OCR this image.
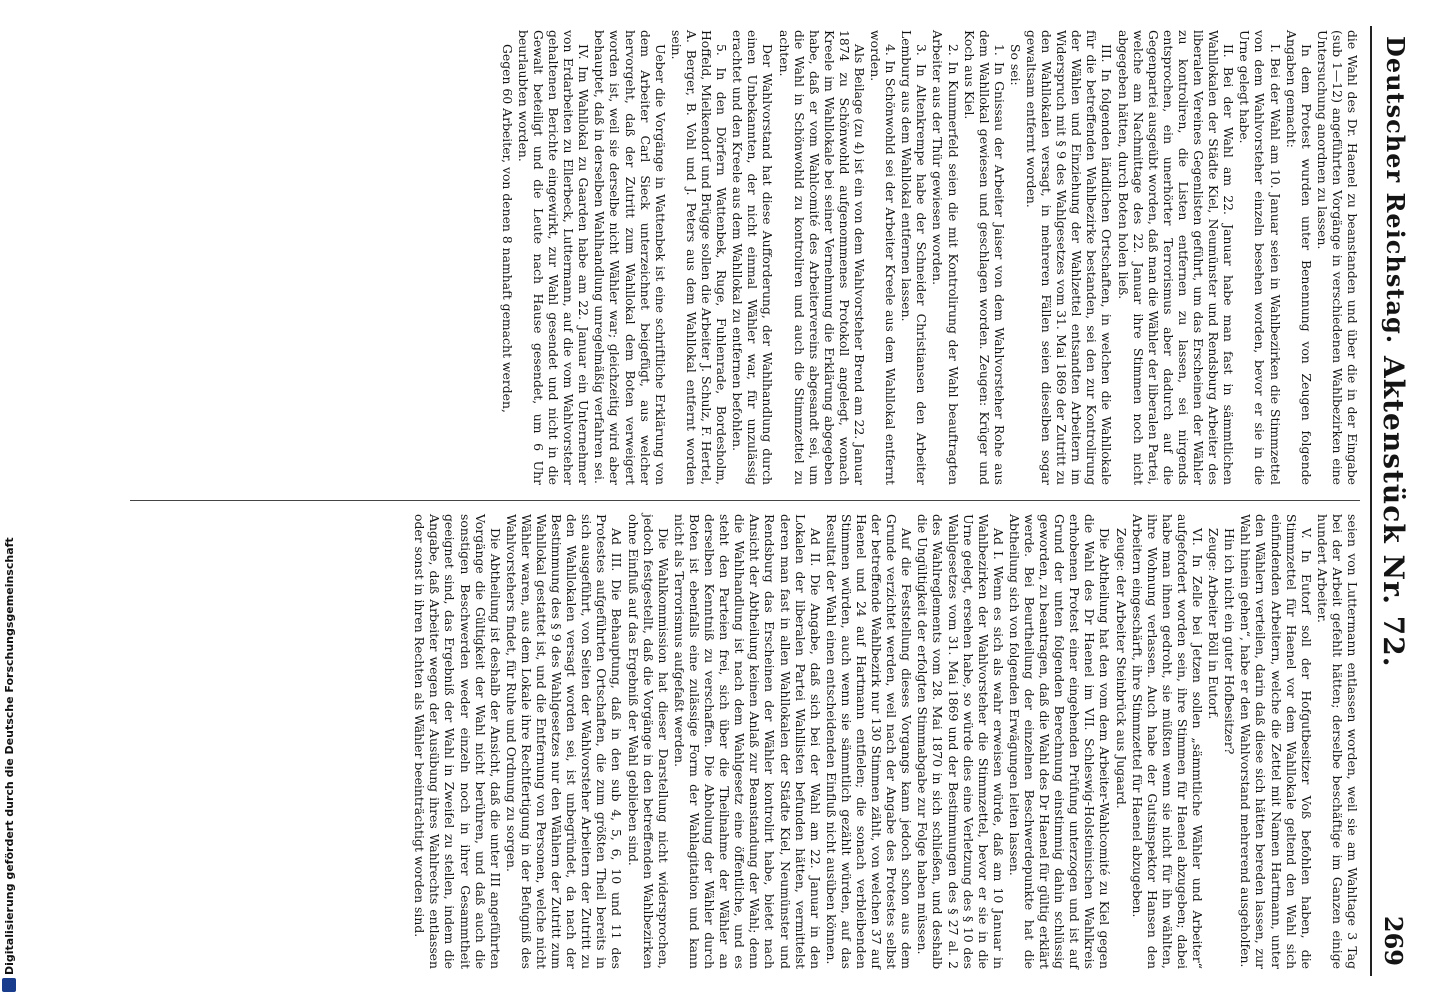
Digitalisierung gefördert durch die Deutsche Forschungsgemeinschaft
Deutscher Reichstag.
Aktenstück Nr. 72.
269

die Wahl des Dr. Haenel zu beanstanden und über die in der Eingabe (sub 1—12) angeführten Vorgänge in verschiedenen Wahlbezirken eine Untersuchung anordnen zu lassen.

In dem Protest wurden unter Benennung von Zeugen folgende Angaben gemacht:

I. Bei der Wahl am 10. Januar seien in Wahlbezirken die Stimmzettel von dem Wahlvorsteher einzeln besehen worden, bevor er sie in die Urne gelegt habe.

II. Bei der Wahl am 22. Januar habe man fast in sämmtlichen Wahllokalen der Städte Kiel, Neumünster und Rendsburg Arbeiter des liberalen Vereines Gegenlisten geführt, um das Erscheinen der Wähler zu kontroliren, die Listen entfernen zu lassen, sei nirgends entsprochen, ein unerhörter Terrorismus aber dadurch auf die Gegenpartei ausgeübt worden, daß man die Wähler der liberalen Partei, welche am Nachmittage des 22. Januar ihre Stimmen noch nicht abgegeben hätten, durch Boten holen ließ.

III. In folgenden ländlichen Ortschaften, in welchen die Wahllokale für die betreffenden Wahlbezirke bestanden, sei den zur Kontrolirung der Wählen und Einziehung der Wahlzettel entsandten Arbeitern im Widerspruch mit § 9 des Wahlgesetzes vom 31. Mai 1869 der Zutritt zu den Wahllokalen versagt, in mehreren Fällen seien dieselben sogar gewaltsam entfernt worden.

So sei:

1. In Gnissau der Arbeiter Jaiser von dem Wahlvorsteher Rohe aus dem Wahllokal gewiesen und geschlagen worden. Zeugen: Krüger und Koch aus Kiel.

2. In Kummerfeld seien die mit Kontrolirung der Wahl beauftragten Arbeiter aus der Thür gewiesen worden.

3. In Altenkrempe habe der Schneider Christiansen den Arbeiter Lemburg aus dem Wahllokal entfernen lassen.

4. In Schönwohld sei der Arbeiter Kreele aus dem Wahllokal entfernt worden.

Als Beilage (zu 4) ist ein von dem Wahlvorsteher Brend am 22. Januar 1874 zu Schönwohld aufgenommenes Protokoll angelegt, wonach Kreele im Wahllokale bei seiner Vernehmung die Erklärung abgegeben habe, daß er vom Wahlcomité des Arbeitervereins abgesandt sei, um die Wahl in Schönwohld zu kontroliren und auch die Stimmzettel zu achten.

Der Wahlvorstand hat diese Aufforderung, der Wahlhandlung durch einen Unbekannten, der nicht einmal Wähler war, für unzulässig erachtet und den Kreele aus dem Wahllokal zu entfernen befohlen.

5. In den Dörfern Wattenbek, Ruge, Fuhlenrade, Bordesholm, Hoffeld, Mielkendorf und Brügge sollen die Arbeiter J. Schulz, F. Hertel, A. Berger, B. Vohl und J. Peters aus dem Wahllokal entfernt worden sein.

Ueber die Vorgänge in Wattenbek ist eine schriftliche Erklärung von dem Arbeiter Carl Sieck unterzeichnet beigefügt, aus welcher hervorgeht, daß der Zutritt zum Wahllokal dem Boten verweigert worden ist, weil sie derselbe nicht Wähler war; gleichzeitig wird aber behauptet, daß in derselben Wahlhandlung unregelmäßig verfahren sei.

IV. Im Wahllokal zu Gaarden habe am 22. Januar ein Unternehmer von Erdarbeiten zu Ellerbeck, Luttermann, auf die vom Wahlvorsteher gehaltenen Berichte eingewirkt, zur Wahl gesendet und nicht in die Gewalt beteiligt und die Leute nach Hause gesendet, um 6 Uhr beurlaubten worden.

Gegen 60 Arbeiter, von denen 8 namhaft gemacht werden,

seien von Luttermann entlassen worden, weil sie am Wahltage 3 Tag bei der Arbeit gefehlt hätten; derselbe beschäftige im Ganzen einige hundert Arbeiter.

V. In Eutorf soll der Hofgutbesitzer Voß befohlen haben, die Stimmzettel für Haenel vor dem Wahllokale geltend den Wahl sich einfindenden Arbeitern, welche die Zettel mit Namen Hartmann, unter den Wählern verteilen, darin daß diese sich hätten bereden lassen, zur Wahl hinein gehen“, habe er den Wahlvorstand mehrerend ausgeholfen.

Hin ich nicht ein guter Hofbesitzer?

Zeuge: Arbeiter Böll in Eutorf.

VI. In Zelle bei Jetzen sollen „sämmtliche Wähler und Arbeiter“ aufgefordert worden sein, ihre Stimmen für Haenel abzugeben; dabei habe man ihnen gedroht, sie müßten wenn sie nicht für ihn wählten, ihre Wohnung verlassen. Auch habe der Gutsinspektor Hansen den Arbeitern eingeschärft, ihre Stimmzettel für Haenel abzugeben.

Zeuge: der Arbeiter Steinbrück aus Jugaard.

Die Abtheilung hat den vom dem Arbeiter-Wahlcomité zu Kiel gegen die Wahl des Dr Haenel im VII. Schleswig-Holsteinischen Wahlkreis erhobenen Protest einer eingehenden Prüfung unterzogen und ist auf Grund der unten folgenden Berechnung einstimmig dahin schlüssig geworden, zu beantragen, daß die Wahl des Dr Haenel für gültig erklärt werde. Bei Beurtheilung der einzelnen Beschwerdepunkte hat die Abtheilung sich von folgenden Erwägungen leiten lassen.

Ad I. Wenn es sich als wahr erweisen würde, daß am 10 Januar in Wahlbezirken der Wahlvorsteher die Stimmzettel, bevor er sie in die Urne gelegt, ersehen habe, so würde dies eine Verletzung des § 10 des Wahlgesetzes vom 31. Mai 1869 und der Bestimmungen des § 27 al. 2 des Wahlreglements vom 28. Mai 1870 in sich schließen, und deshalb die Ungültigkeit der erfolgten Stimmabgabe zur Folge haben müssen.

Auf die Feststellung dieses Vorgangs kann jedoch schon aus dem Grunde verzichtet werden, weil nach der Angabe des Protestes selbst der betreffende Wahlbezirk nur 130 Stimmen zählt, von welchen 37 auf Haenel und 24 auf Hartmann entfielen; die sonach verbleibenden Stimmen würden, auch wenn sie sämmtlich gezählt würden, auf das Resultat der Wahl einen entscheidenden Einfluß nicht ausüben können.

Ad II. Die Angabe, daß sich bei der Wahl am 22. Januar in den Lokalen der liberalen Partei Wahllisten befunden hätten, vermittelst deren man fast in allen Wahllokalen der Städte Kiel, Neumünster und Rendsburg das Erscheinen der Wähler kontrolirt habe, bietet nach Ansicht der Abtheilung keinen Anlaß zur Beanstandung der Wahl; denn die Wahlhandlung ist nach dem Wahlgesetz eine öffentliche, und es steht den Parteien frei, sich über die Theilnahme der Wähler an derselben Kenntniß zu verschaffen. Die Abholung der Wähler durch Boten ist ebenfalls eine zulässige Form der Wahlagitation und kann nicht als Terrorismus aufgefaßt werden.

Die Wahlkommission hat dieser Darstellung nicht widersprochen, jedoch festgestellt, daß die Vorgänge in den betreffenden Wahlbezirken ohne Einfluß auf das Ergebniß der Wahl geblieben sind.

Ad III. Die Behauptung, daß in den sub 4, 5, 6, 10 und 11 des Protestes aufgeführten Ortschaften, die zum größten Theil bereits in sich ausgeführt, von Seiten der Wahlvorsteher Arbeitern der Zutritt zu den Wahllokalen versagt worden sei, ist unbegründet, da nach der Bestimmung des § 9 des Wahlgesetzes nur den Wählern der Zutritt zum Wahllokal gestattet ist, und die Entfernung von Personen, welche nicht Wähler waren, aus dem Lokale ihre Rechtfertigung in der Befugniß des Wahlvorstehers findet, für Ruhe und Ordnung zu sorgen.

Die Abtheilung ist deshalb der Ansicht, daß die unter III angeführten Vorgänge die Gültigkeit der Wahl nicht berühren, und daß auch die sonstigen Beschwerden weder einzeln noch in ihrer Gesammtheit geeignet sind, das Ergebniß der Wahl in Zweifel zu stellen, indem die Angabe, daß Arbeiter wegen der Ausübung ihres Wahlrechts entlassen oder sonst in ihren Rechten als Wähler beeinträchtigt worden sind.
